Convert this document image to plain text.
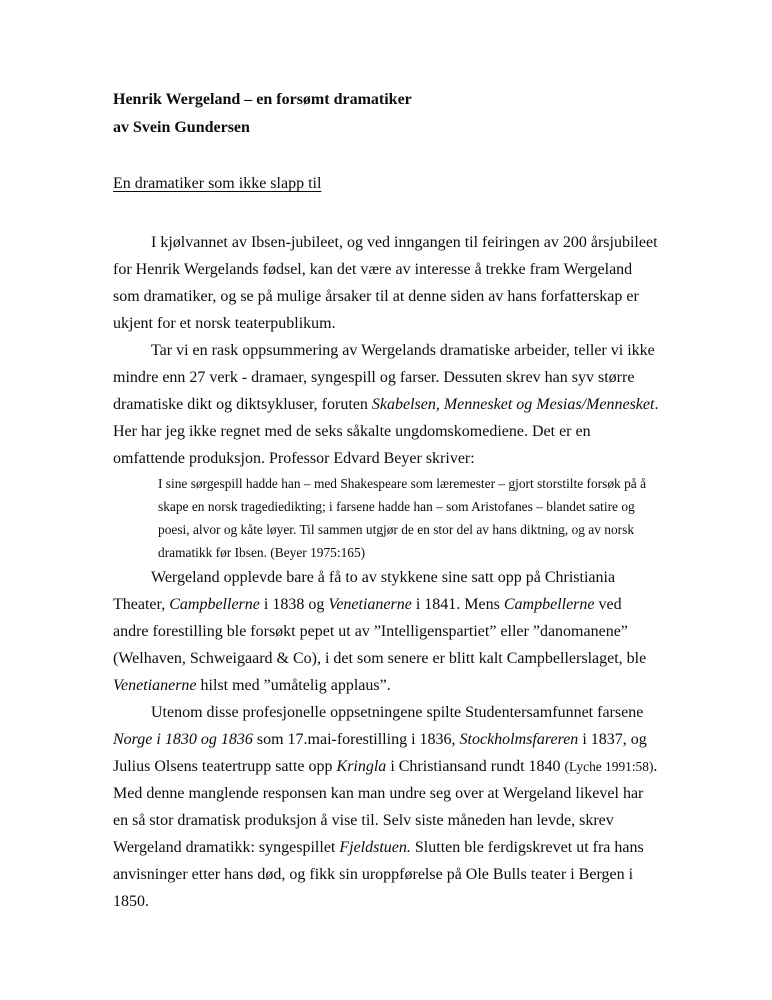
Henrik Wergeland – en forsømt dramatiker
av Svein Gundersen
En dramatiker som ikke slapp til

I kjølvannet av Ibsen-jubileet, og ved inngangen til feiringen av 200 årsjubileet for Henrik Wergelands fødsel, kan det være av interesse å trekke fram Wergeland som dramatiker, og se på mulige årsaker til at denne siden av hans forfatterskap er ukjent for et norsk teaterpublikum.

Tar vi en rask oppsummering av Wergelands dramatiske arbeider, teller vi ikke mindre enn 27 verk - dramaer, syngespill og farser. Dessuten skrev han syv større dramatiske dikt og diktsykluser, foruten Skabelsen, Mennesket og Mesias/Mennesket. Her har jeg ikke regnet med de seks såkalte ungdomskomediene. Det er en omfattende produksjon. Professor Edvard Beyer skriver:

I sine sørgespill hadde han – med Shakespeare som læremester – gjort storstilte forsøk på å skape en norsk tragediedikting; i farsene hadde han – som Aristofanes – blandet satire og poesi, alvor og kåte løyer. Til sammen utgjør de en stor del av hans diktning, og av norsk dramatikk før Ibsen. (Beyer 1975:165)

Wergeland opplevde bare å få to av stykkene sine satt opp på Christiania Theater, Campbellerne i 1838 og Venetianerne i 1841. Mens Campbellerne ved andre forestilling ble forsøkt pepet ut av ”Intelligenspartiet” eller ”danomanene” (Welhaven, Schweigaard & Co), i det som senere er blitt kalt Campbellerslaget, ble Venetianerne hilst med ”umåtelig applaus”.

Utenom disse profesjonelle oppsetningene spilte Studentersamfunnet farsene Norge i 1830 og 1836 som 17.mai-forestilling i 1836, Stockholmsfareren i 1837, og Julius Olsens teatertrupp satte opp Kringla i Christiansand rundt 1840 (Lyche 1991:58). Med denne manglende responsen kan man undre seg over at Wergeland likevel har en så stor dramatisk produksjon å vise til. Selv siste måneden han levde, skrev Wergeland dramatikk: syngespillet Fjeldstuen. Slutten ble ferdigskrevet ut fra hans anvisninger etter hans død, og fikk sin uroppførelse på Ole Bulls teater i Bergen i 1850.
